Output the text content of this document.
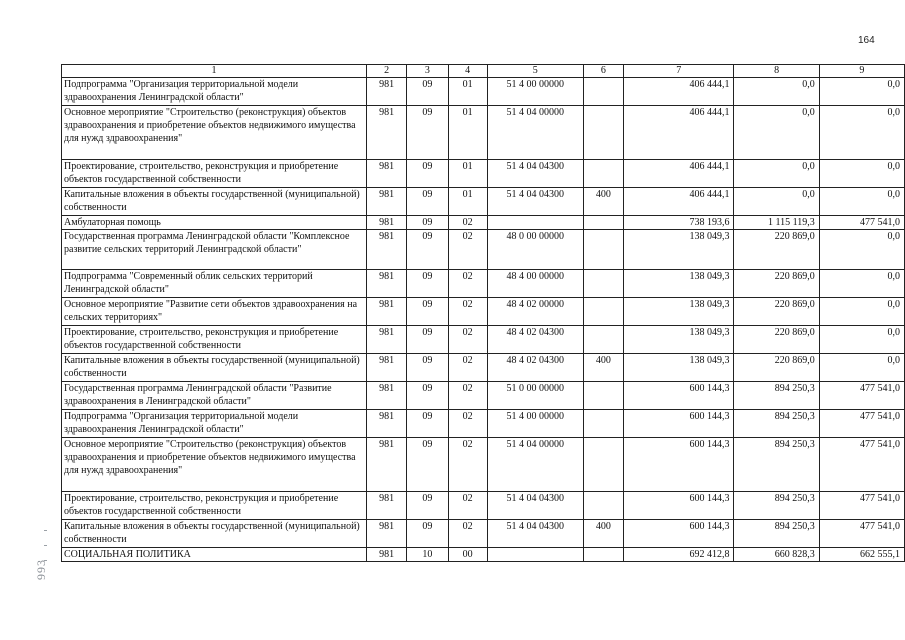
164
1	2	3	4	5	6	7	8	9
Подпрограмма "Организация территориальной модели здравоохранения Ленинградской области"	981	09	01	51 4 00 00000		406 444,1	0,0	0,0
Основное мероприятие "Строительство (реконструкция) объектов здравоохранения и приобретение объектов недвижимого имущества для нужд здравоохранения"	981	09	01	51 4 04 00000		406 444,1	0,0	0,0
Проектирование, строительство, реконструкция и приобретение объектов государственной собственности	981	09	01	51 4 04 04300		406 444,1	0,0	0,0
Капитальные вложения в объекты государственной (муниципальной) собственности	981	09	01	51 4 04 04300	400	406 444,1	0,0	0,0
Амбулаторная помощь	981	09	02			738 193,6	1 115 119,3	477 541,0
Государственная программа Ленинградской области "Комплексное развитие сельских территорий Ленинградской области"	981	09	02	48 0 00 00000		138 049,3	220 869,0	0,0
Подпрограмма "Современный облик сельских территорий Ленинградской области"	981	09	02	48 4 00 00000		138 049,3	220 869,0	0,0
Основное мероприятие "Развитие сети объектов здравоохранения на сельских территориях"	981	09	02	48 4 02 00000		138 049,3	220 869,0	0,0
Проектирование, строительство, реконструкция и приобретение объектов государственной собственности	981	09	02	48 4 02 04300		138 049,3	220 869,0	0,0
Капитальные вложения в объекты государственной (муниципальной) собственности	981	09	02	48 4 02 04300	400	138 049,3	220 869,0	0,0
Государственная программа Ленинградской области "Развитие здравоохранения в Ленинградской области"	981	09	02	51 0 00 00000		600 144,3	894 250,3	477 541,0
Подпрограмма "Организация территориальной модели здравоохранения Ленинградской области"	981	09	02	51 4 00 00000		600 144,3	894 250,3	477 541,0
Основное мероприятие "Строительство (реконструкция) объектов здравоохранения и приобретение объектов недвижимого имущества для нужд здравоохранения"	981	09	02	51 4 04 00000		600 144,3	894 250,3	477 541,0
Проектирование, строительство, реконструкция и приобретение объектов государственной собственности	981	09	02	51 4 04 04300		600 144,3	894 250,3	477 541,0
Капитальные вложения в объекты государственной (муниципальной) собственности	981	09	02	51 4 04 04300	400	600 144,3	894 250,3	477 541,0
СОЦИАЛЬНАЯ ПОЛИТИКА	981	10	00			692 412,8	660 828,3	662 555,1
993
